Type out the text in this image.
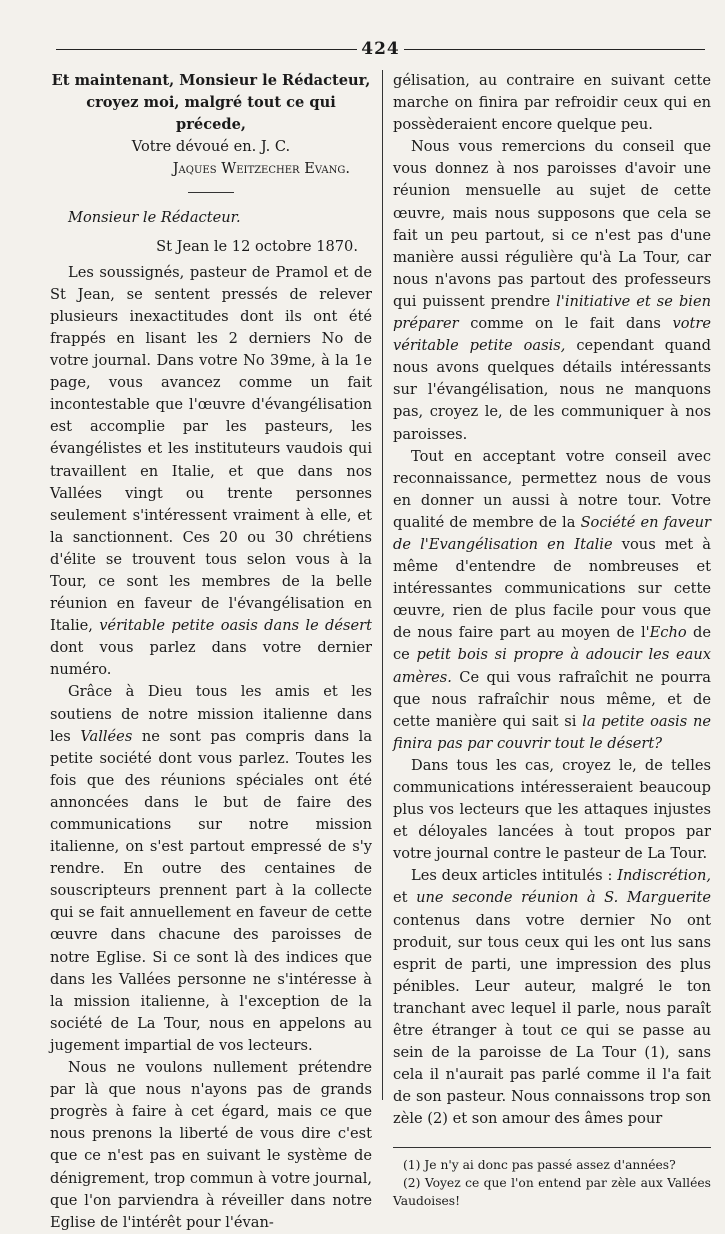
424

Et maintenant, Monsieur le Rédacteur, croyez moi, malgré tout ce qui précede,

Votre dévoué en. J. C.

Jaques Weitzecher Evang.

Monsieur le Rédacteur.

St Jean le 12 octobre 1870.

Les soussignés, pasteur de Pramol et de St Jean, se sentent pressés de relever plusieurs inexactitudes dont ils ont été frappés en lisant les 2 derniers No de votre journal. Dans votre No 39me, à la 1e page, vous avancez comme un fait incontestable que l'œuvre d'évangélisation est accomplie par les pasteurs, les évangélistes et les instituteurs vaudois qui travaillent en Italie, et que dans nos Vallées vingt ou trente personnes seulement s'intéressent vraiment à elle, et la sanctionnent. Ces 20 ou 30 chrétiens d'élite se trouvent tous selon vous à la Tour, ce sont les membres de la belle réunion en faveur de l'évangélisation en Italie, véritable petite oasis dans le désert dont vous parlez dans votre dernier numéro.

Grâce à Dieu tous les amis et les soutiens de notre mission italienne dans les Vallées ne sont pas compris dans la petite société dont vous parlez. Toutes les fois que des réunions spéciales ont été annoncées dans le but de faire des communications sur notre mission italienne, on s'est partout empressé de s'y rendre. En outre des centaines de souscripteurs prennent part à la collecte qui se fait annuellement en faveur de cette œuvre dans chacune des paroisses de notre Eglise. Si ce sont là des indices que dans les Vallées personne ne s'intéresse à la mission italienne, à l'exception de la société de La Tour, nous en appelons au jugement impartial de vos lecteurs.

Nous ne voulons nullement prétendre par là que nous n'ayons pas de grands progrès à faire à cet égard, mais ce que nous prenons la liberté de vous dire c'est que ce n'est pas en suivant le système de dénigrement, trop commun à votre journal, que l'on parviendra à réveiller dans notre Eglise de l'intérêt pour l'évan-

gélisation, au contraire en suivant cette marche on finira par refroidir ceux qui en possèderaient encore quelque peu.

Nous vous remercions du conseil que vous donnez à nos paroisses d'avoir une réunion mensuelle au sujet de cette œuvre, mais nous supposons que cela se fait un peu partout, si ce n'est pas d'une manière aussi régulière qu'à La Tour, car nous n'avons pas partout des professeurs qui puissent prendre l'initiative et se bien préparer comme on le fait dans votre véritable petite oasis, cependant quand nous avons quelques détails intéressants sur l'évangélisation, nous ne manquons pas, croyez le, de les communiquer à nos paroisses.

Tout en acceptant votre conseil avec reconnaissance, permettez nous de vous en donner un aussi à notre tour. Votre qualité de membre de la Société en faveur de l'Evangélisation en Italie vous met à même d'entendre de nombreuses et intéressantes communications sur cette œuvre, rien de plus facile pour vous que de nous faire part au moyen de l'Echo de ce petit bois si propre à adoucir les eaux amères. Ce qui vous rafraîchit ne pourra que nous rafraîchir nous même, et de cette manière qui sait si la petite oasis ne finira pas par couvrir tout le désert?

Dans tous les cas, croyez le, de telles communications intéresseraient beaucoup plus vos lecteurs que les attaques injustes et déloyales lancées à tout propos par votre journal contre le pasteur de La Tour.

Les deux articles intitulés : Indiscrétion, et une seconde réunion à S. Marguerite contenus dans votre dernier No ont produit, sur tous ceux qui les ont lus sans esprit de parti, une impression des plus pénibles. Leur auteur, malgré le ton tranchant avec lequel il parle, nous paraît être étranger à tout ce qui se passe au sein de la paroisse de La Tour (1), sans cela il n'aurait pas parlé comme il l'a fait de son pasteur. Nous connaissons trop son zèle (2) et son amour des âmes pour

(1) Je n'y ai donc pas passé assez d'années?

(2) Voyez ce que l'on entend par zèle aux Vallées Vaudoises!
